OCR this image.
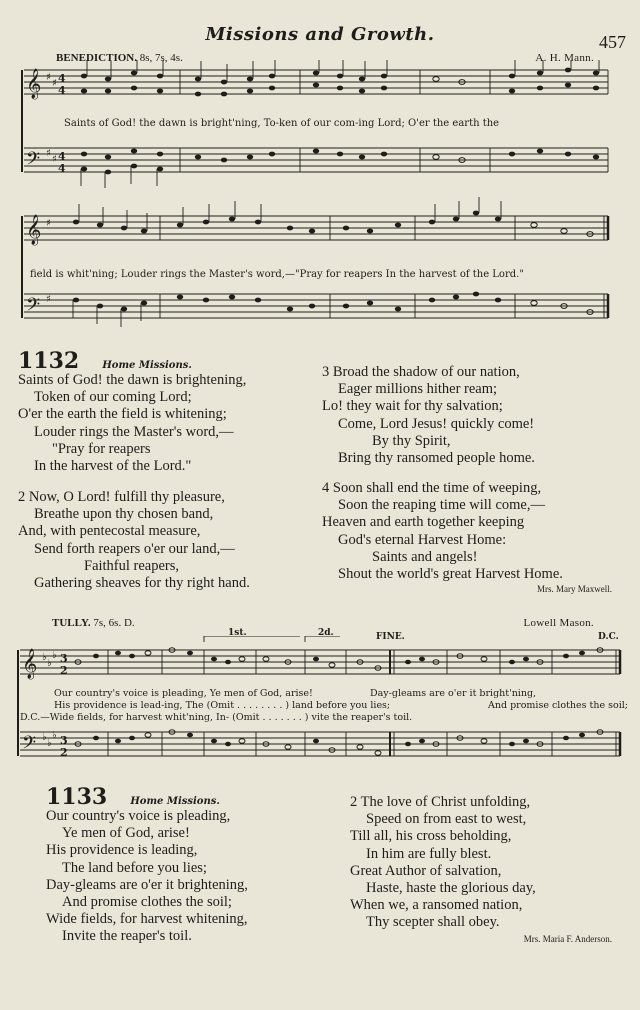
Missions and Growth.	457
BENEDICTION. 8s, 7s, 4s.	A. H. Mann.
𝄞
𝄢
𝄞
𝄢
♯
♯
♯
♯
♯
♯
4
4
4
4
Saints of God! the dawn is bright'ning, To-ken of our com-ing Lord; O'er the earth the
field is whit'ning; Louder rings the Master's word,—"Pray for reapers In the harvest of the Lord."
1132 Home Missions.
Saints of God! the dawn is brightening,
Token of our coming Lord;
O'er the earth the field is whitening;
Louder rings the Master's word,—
"Pray for reapers
In the harvest of the Lord."
2 Now, O Lord! fulfill thy pleasure,
Breathe upon thy chosen band,
And, with pentecostal measure,
Send forth reapers o'er our land,—
Faithful reapers,
Gathering sheaves for thy right hand.
3 Broad the shadow of our nation,
Eager millions hither ream;
Lo! they wait for thy salvation;
Come, Lord Jesus! quickly come!
By thy Spirit,
Bring thy ransomed people home.
4 Soon shall end the time of weeping,
Soon the reaping time will come,—
Heaven and earth together keeping
God's eternal Harvest Home:
Saints and angels!
Shout the world's great Harvest Home.
Mrs. Mary Maxwell.
TULLY. 7s, 6s. D.	Lowell Mason.
1st.	2d.	FINE.	D.C.
𝄞
𝄢
♭
♭
♭
♭
♭
♭
3
2
3
2
Our country's voice is pleading, Ye men of God, arise!
His providence is lead-ing, The (Omit . . . . . . . . ) land before you lies;
D.C.—Wide fields, for harvest whit'ning, In- (Omit . . . . . . . ) vite the reaper's toil.
Day-gleams are o'er it bright'ning,
And promise clothes the soil;
1133 Home Missions.
Our country's voice is pleading,
Ye men of God, arise!
His providence is leading,
The land before you lies;
Day-gleams are o'er it brightening,
And promise clothes the soil;
Wide fields, for harvest whitening,
Invite the reaper's toil.
2 The love of Christ unfolding,
Speed on from east to west,
Till all, his cross beholding,
In him are fully blest.
Great Author of salvation,
Haste, haste the glorious day,
When we, a ransomed nation,
Thy scepter shall obey.
Mrs. Maria F. Anderson.
